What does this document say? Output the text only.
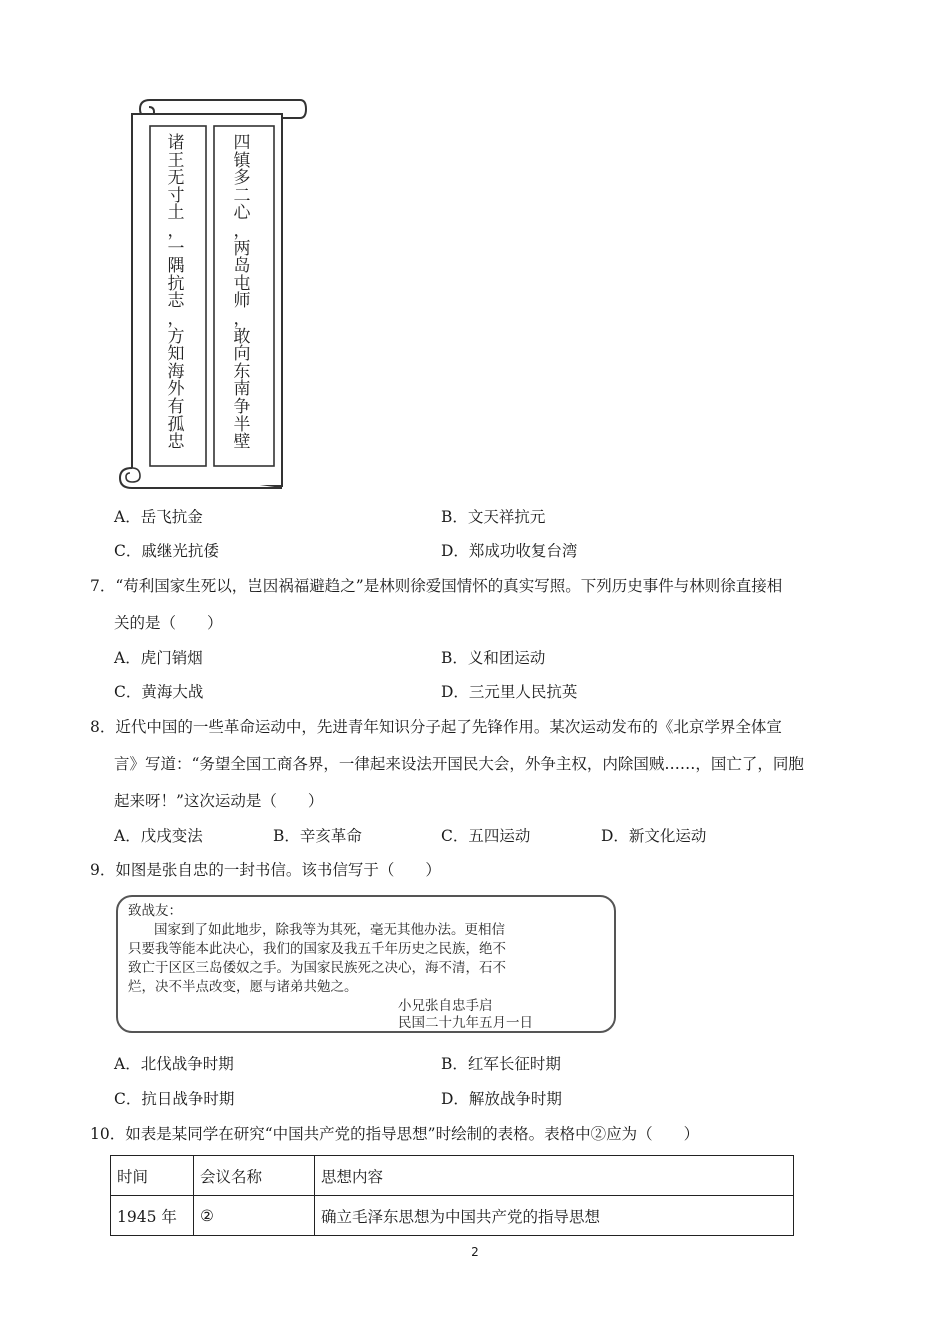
诸
王
无
寸
土
，
一
隅
抗
志
，
方
知
海
外
有
孤
忠
四
镇
多
二
心
，
两
岛
屯
师
，
敢
向
东
南
争
半
壁
A．岳飞抗金	B．文天祥抗元
C．戚继光抗倭	D．郑成功收复台湾
7．“苟利国家生死以，岂因祸福避趋之”是林则徐爱国情怀的真实写照。下列历史事件与林则徐直接相
关的是（　　）
A．虎门销烟	B．义和团运动
C．黄海大战	D．三元里人民抗英
8．近代中国的一些革命运动中，先进青年知识分子起了先锋作用。某次运动发布的《北京学界全体宣
言》写道：“务望全国工商各界，一律起来设法开国民大会，外争主权，内除国贼……，国亡了，同胞
起来呀！”这次运动是（　　）
A．戊戌变法	B．辛亥革命	C．五四运动	D．新文化运动
9．如图是张自忠的一封书信。该书信写于（　　）
致战友：
国家到了如此地步，除我等为其死，毫无其他办法。更相信
只要我等能本此决心，我们的国家及我五千年历史之民族，绝不
致亡于区区三岛倭奴之手。为国家民族死之决心，海不清，石不
烂，决不半点改变，愿与诸弟共勉之。
小兄张自忠手启
民国二十九年五月一日
A．北伐战争时期	B．红军长征时期
C．抗日战争时期	D．解放战争时期
10．如表是某同学在研究“中国共产党的指导思想”时绘制的表格。表格中②应为（　　）
时间	会议名称	思想内容
1945 年	②	确立毛泽东思想为中国共产党的指导思想
2
